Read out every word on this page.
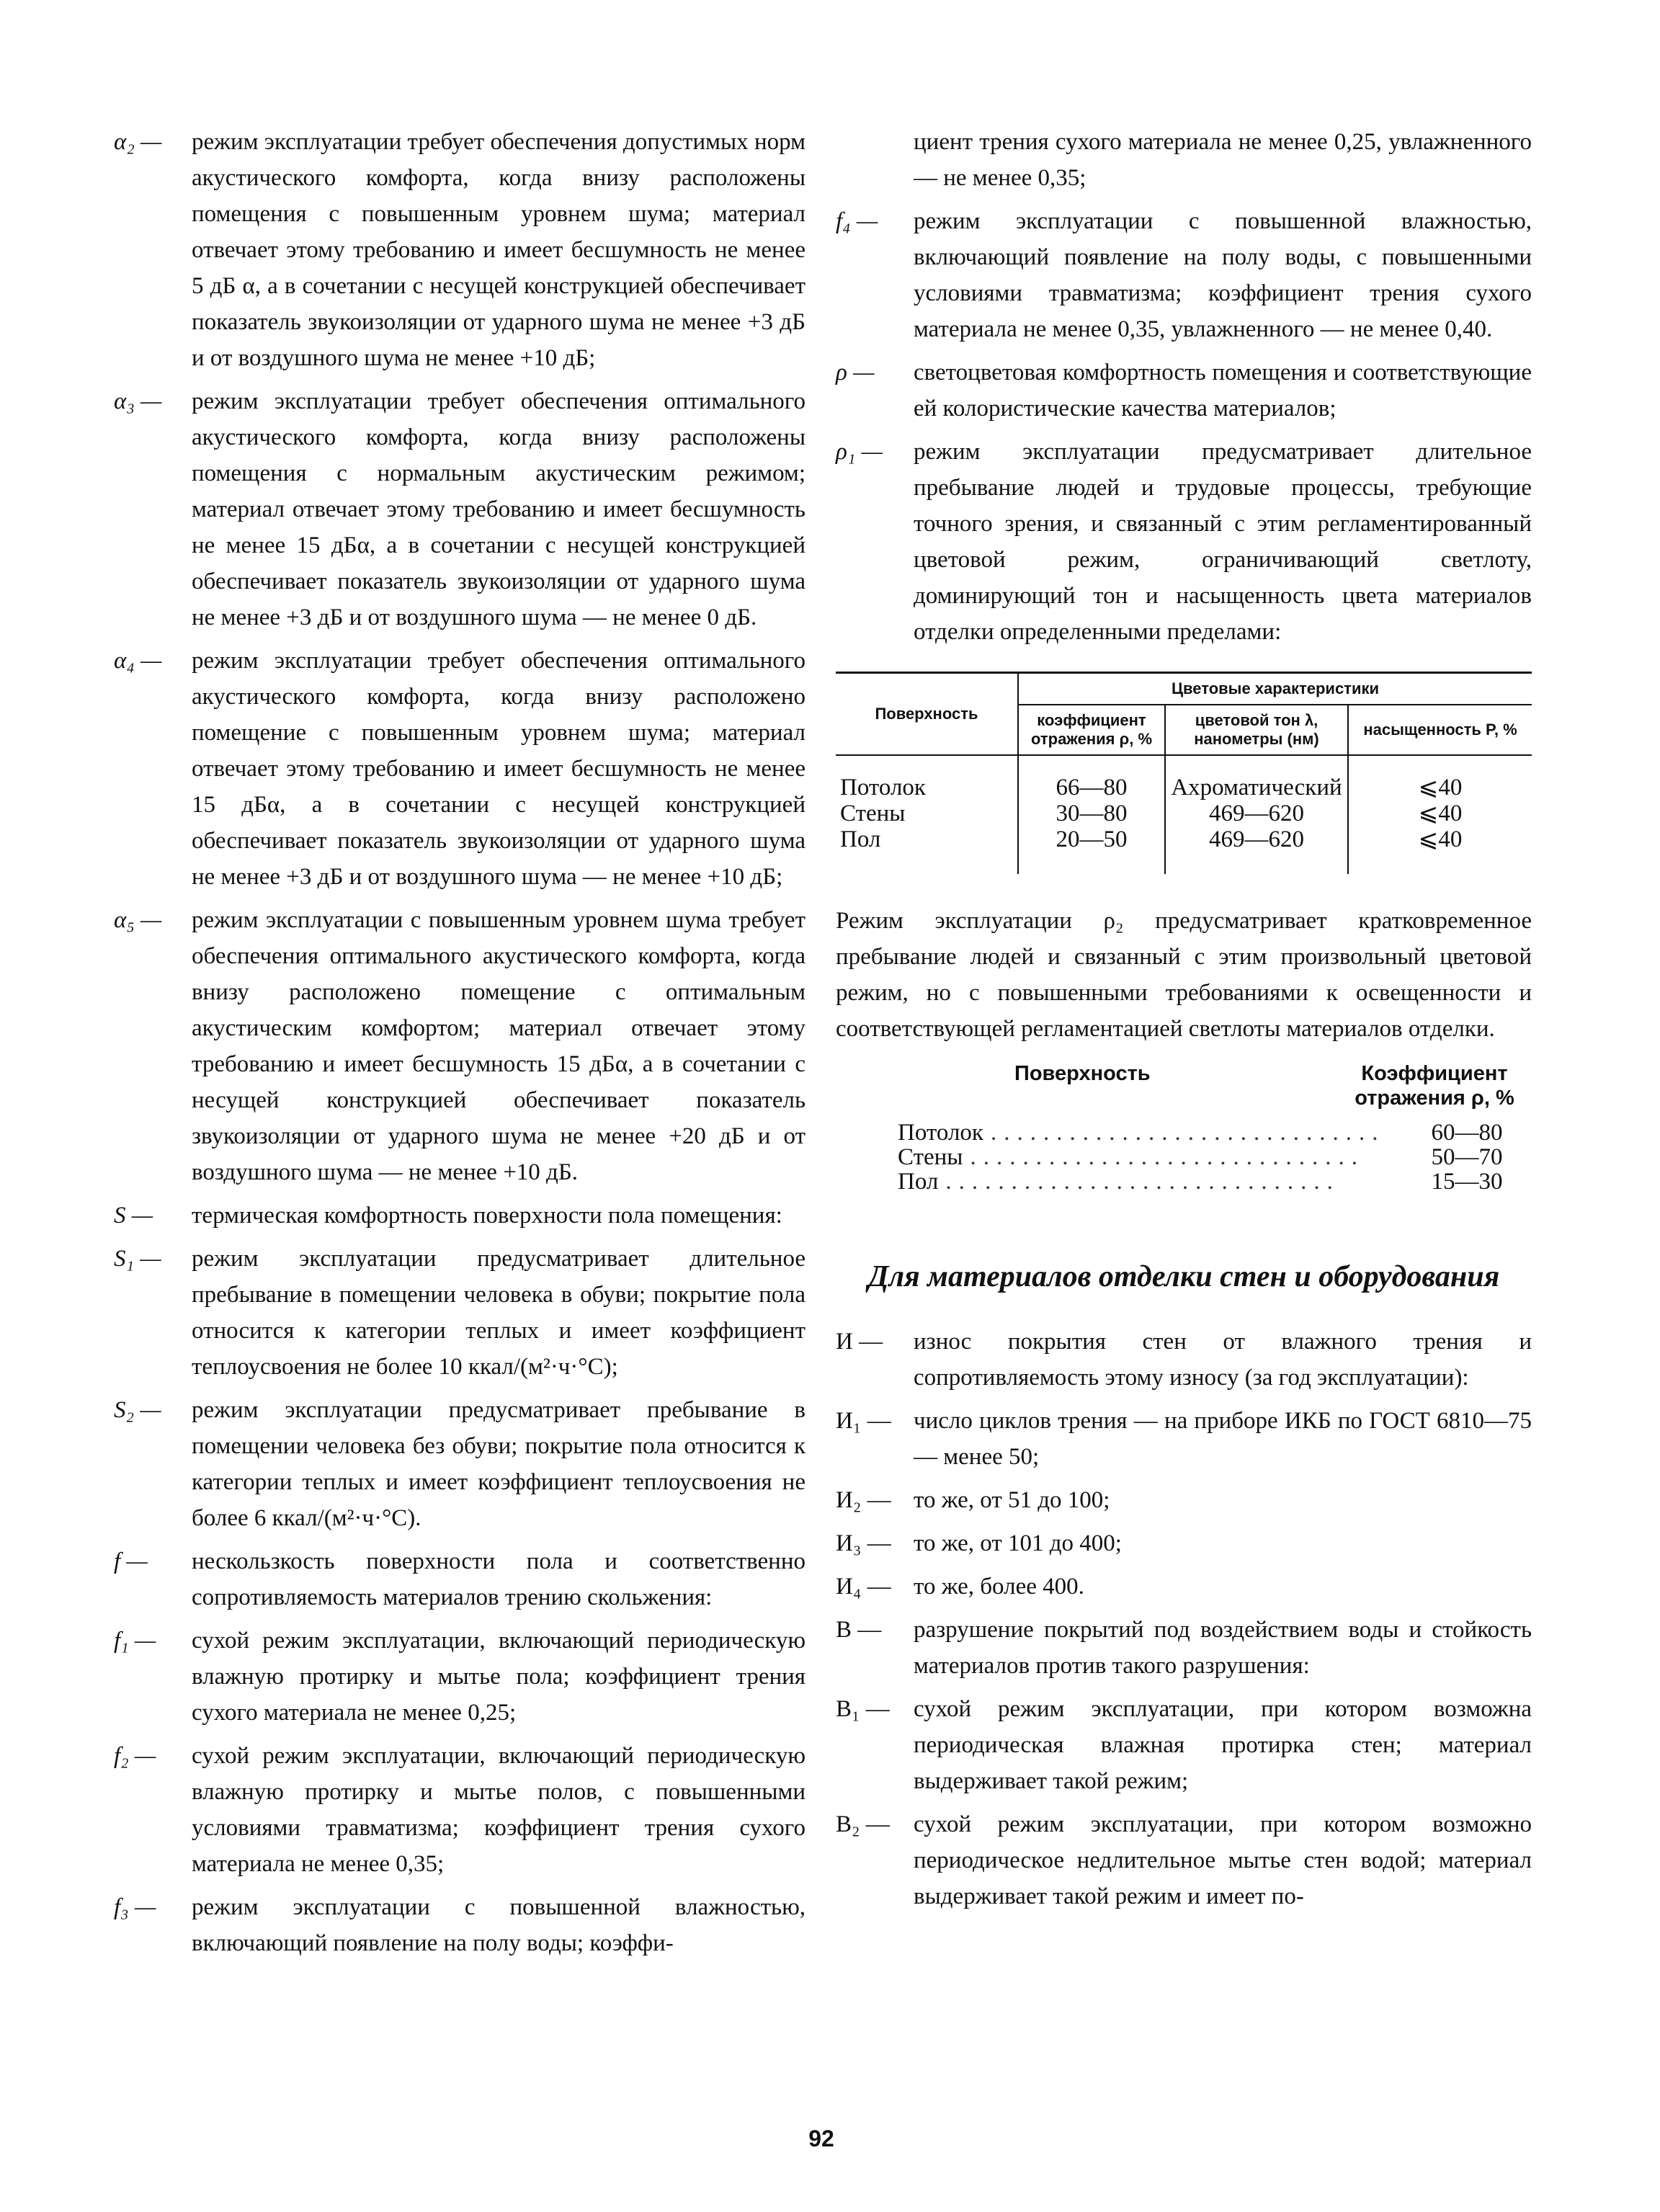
α₂ —	режим эксплуатации требует обеспечения допустимых норм акустического комфорта, когда внизу расположены помещения с повышенным уровнем шума; материал отвечает этому требованию и имеет бесшумность не менее 5 дБ α, а в сочетании с несущей конструкцией обеспечивает показатель звукоизоляции от ударного шума не менее +3 дБ и от воздушного шума не менее +10 дБ;
α₃ —	режим эксплуатации требует обеспечения оптимального акустического комфорта, когда внизу расположены помещения с нормальным акустическим режимом; материал отвечает этому требованию и имеет бесшумность не менее 15 дБα, а в сочетании с несущей конструкцией обеспечивает показатель звукоизоляции от ударного шума не менее +3 дБ и от воздушного шума — не менее 0 дБ.
α₄ —	режим эксплуатации требует обеспечения оптимального акустического комфорта, когда внизу расположено помещение с повышенным уровнем шума; материал отвечает этому требованию и имеет бесшумность не менее 15 дБα, а в сочетании с несущей конструкцией обеспечивает показатель звукоизоляции от ударного шума не менее +3 дБ и от воздушного шума — не менее +10 дБ;
α₅ —	режим эксплуатации с повышенным уровнем шума требует обеспечения оптимального акустического комфорта, когда внизу расположено помещение с оптимальным акустическим комфортом; материал отвечает этому требованию и имеет бесшумность 15 дБα, а в сочетании с несущей конструкцией обеспечивает показатель звукоизоляции от ударного шума не менее +20 дБ и от воздушного шума — не менее +10 дБ.
S —	термическая комфортность поверхности пола помещения:
S₁ —	режим эксплуатации предусматривает длительное пребывание в помещении человека в обуви; покрытие пола относится к категории теплых и имеет коэффициент теплоусвоения не более 10 ккал/(м²·ч·°С);
S₂ —	режим эксплуатации предусматривает пребывание в помещении человека без обуви; покрытие пола относится к категории теплых и имеет коэффициент теплоусвоения не более 6 ккал/(м²·ч·°С).
f —	нескользкость поверхности пола и соответственно сопротивляемость материалов трению скольжения:
f₁ —	сухой режим эксплуатации, включающий периодическую влажную протирку и мытье пола; коэффициент трения сухого материала не менее 0,25;
f₂ —	сухой режим эксплуатации, включающий периодическую влажную протирку и мытье полов, с повышенными условиями травматизма; коэффициент трения сухого материала не менее 0,35;
f₃ —	режим эксплуатации с повышенной влажностью, включающий появление на полу воды; коэффи-
циент трения сухого материала не менее 0,25, увлажненного — не менее 0,35;
f₄ —	режим эксплуатации с повышенной влажностью, включающий появление на полу воды, с повышенными условиями травматизма; коэффициент трения сухого материала не менее 0,35, увлажненного — не менее 0,40.
ρ —	светоцветовая комфортность помещения и соответствующие ей колористические качества материалов;
ρ₁ —	режим эксплуатации предусматривает длительное пребывание людей и трудовые процессы, требующие точного зрения, и связанный с этим регламентированный цветовой режим, ограничивающий светлоту, доминирующий тон и насыщенность цвета материалов отделки определенными пределами:
Поверхность	Цветовые характеристики		
	коэффициент отражения ρ, %	цветовой тон λ, нанометры (нм)	насыщенность P, %
Потолок	66—80	Ахроматический	⩽40
Стены	30—80	469—620	⩽40
Пол	20—50	469—620	⩽40

Режим эксплуатации ρ₂ предусматривает кратковременное пребывание людей и связанный с этим произвольный цветовой режим, но с повышенными требованиями к освещенности и соответствующей регламентацией светлоты материалов отделки.

Поверхность	Коэффициент отражения ρ, %
Потолок ..............................	60—80
Стены ..............................	50—70
Пол ..............................	15—30
Для материалов отделки стен и оборудования
И —	износ покрытия стен от влажного трения и сопротивляемость этому износу (за год эксплуатации):
И₁ — число циклов трения — на приборе ИКБ по ГОСТ 6810—75 — менее 50;
И₂ — то же, от 51 до 100;
И₃ — то же, от 101 до 400;
И₄ — то же, более 400.
В —	разрушение покрытий под воздействием воды и стойкость материалов против такого разрушения:
В₁ —	сухой режим эксплуатации, при котором возможна периодическая влажная протирка стен; материал выдерживает такой режим;
В₂ —	сухой режим эксплуатации, при котором возможно периодическое недлительное мытье стен водой; материал выдерживает такой режим и имеет по-
92
